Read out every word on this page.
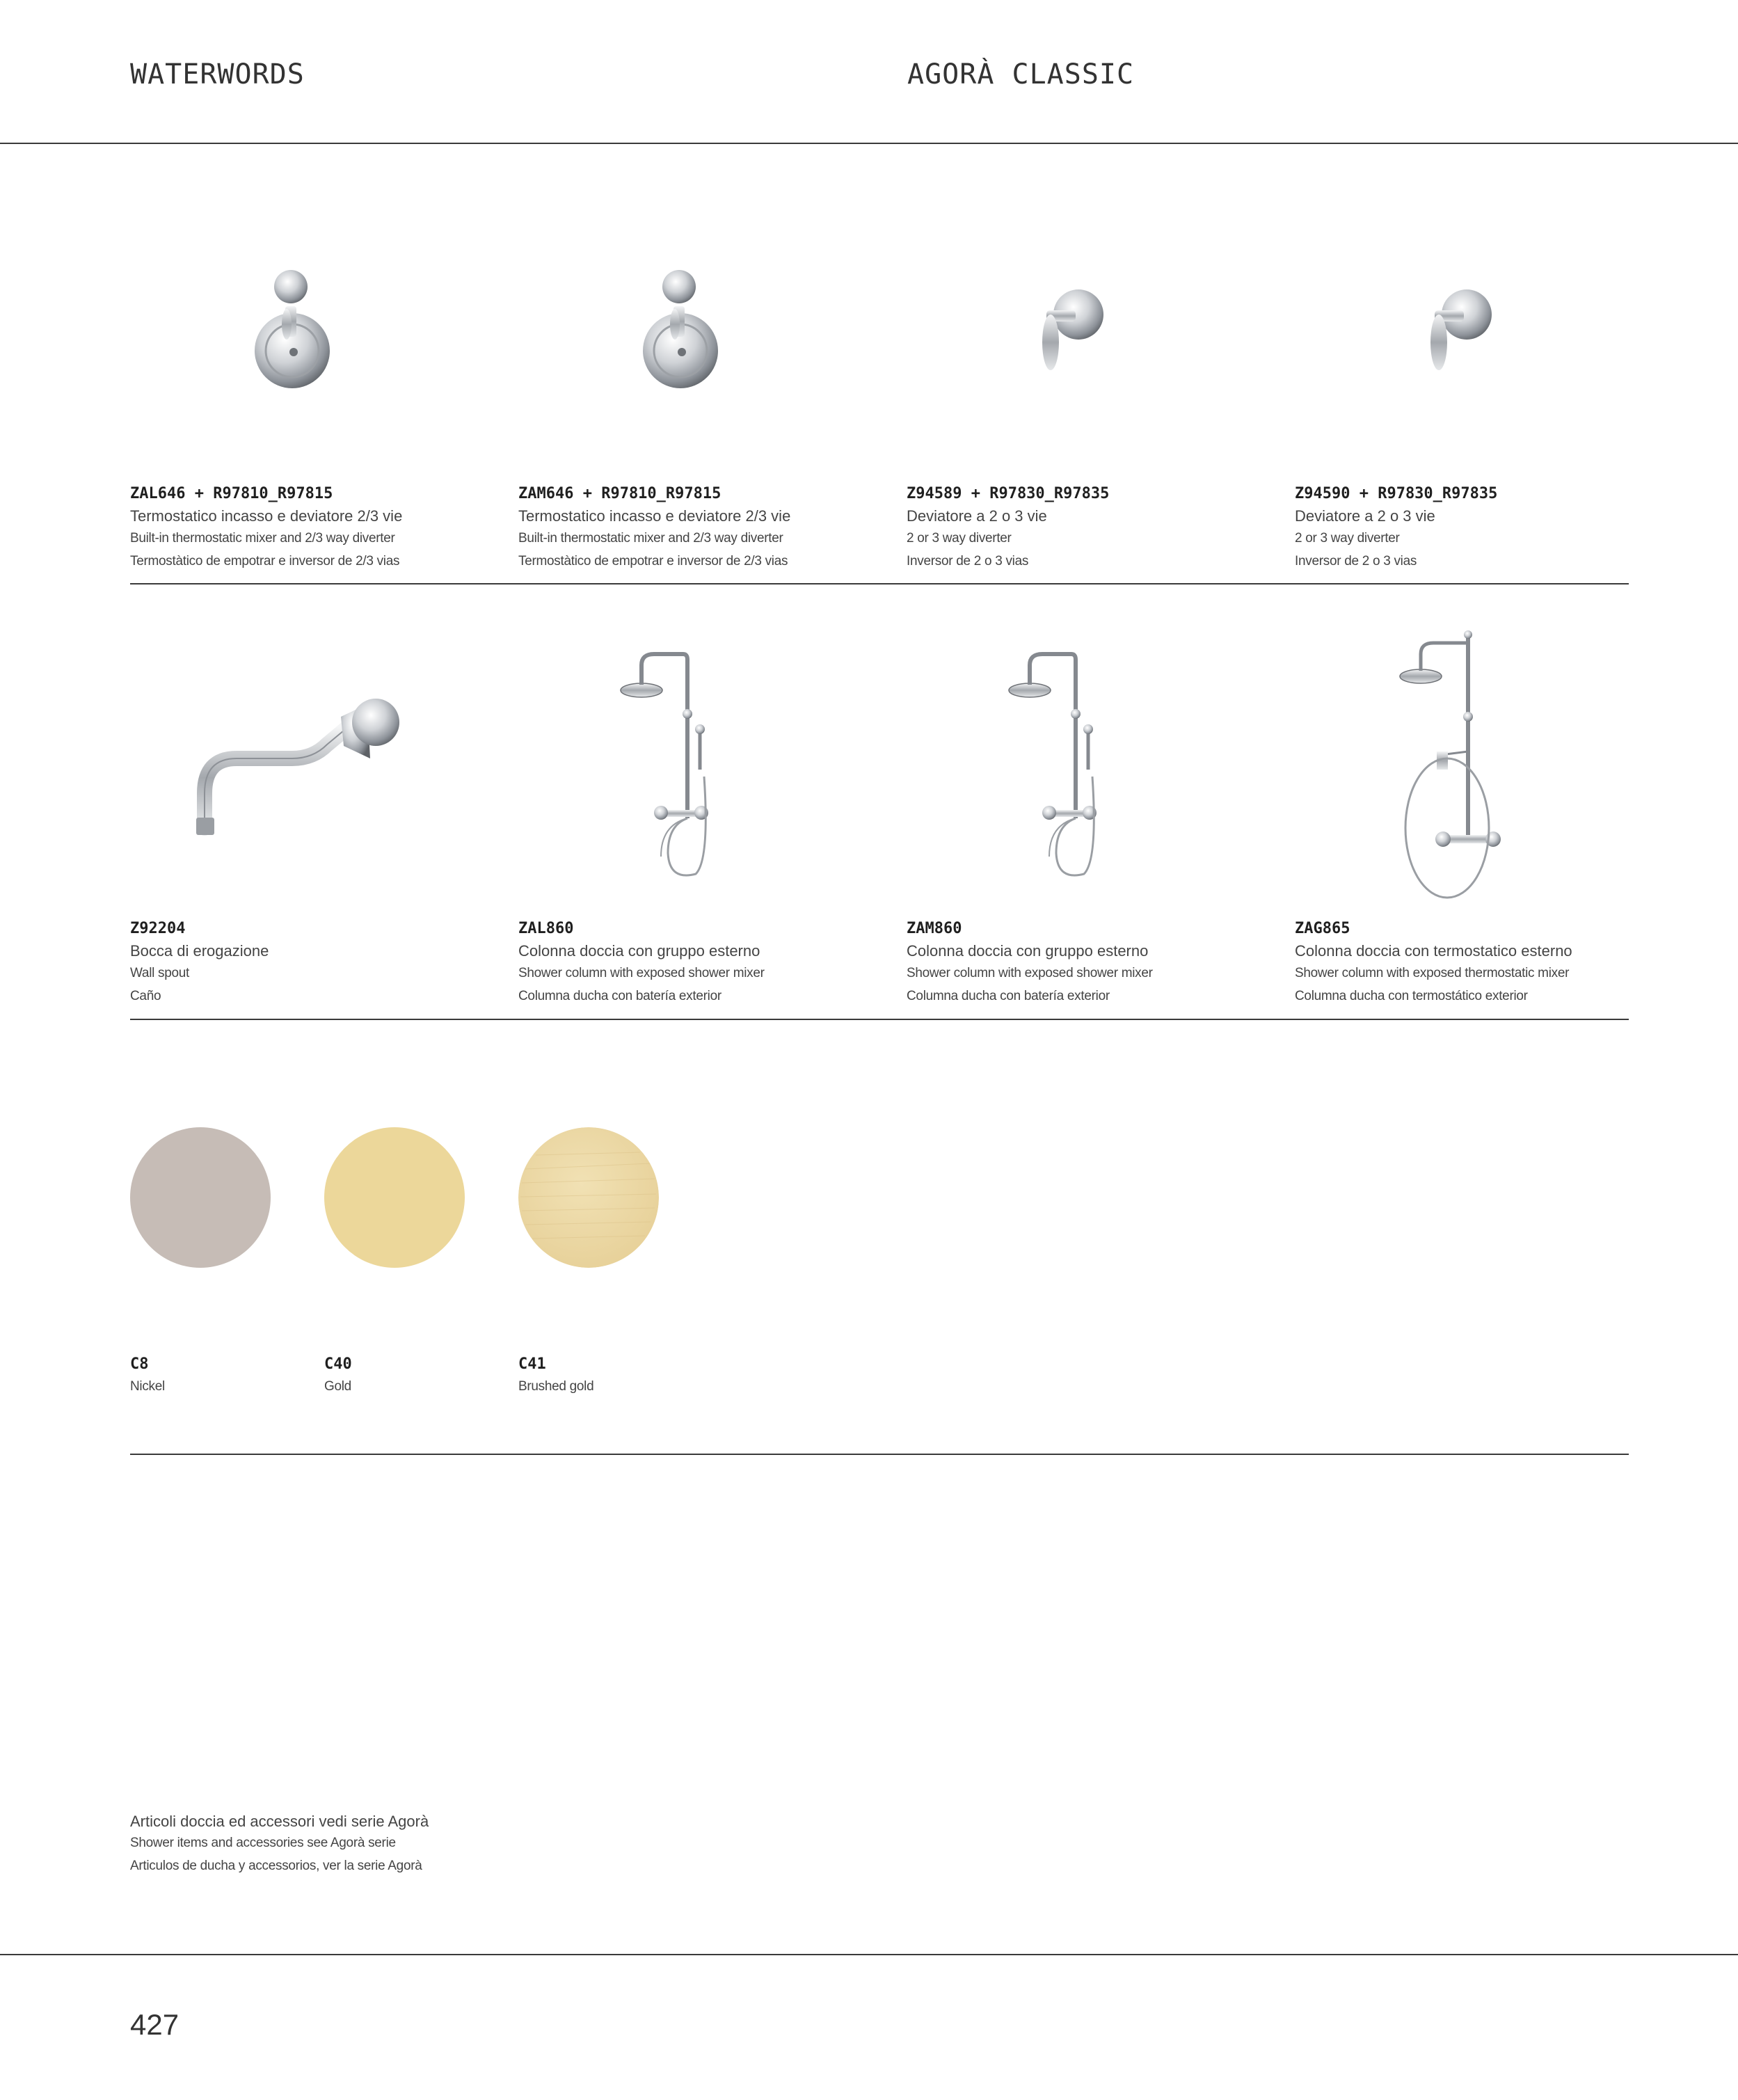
WATERWORDS	AGORÀ CLASSIC
ZAL646 + R97810_R97815
Termostatico incasso e deviatore 2/3 vie
Built-in thermostatic mixer and 2/3 way diverter
Termostàtico de empotrar e inversor de 2/3 vias
ZAM646 + R97810_R97815
Termostatico incasso e deviatore 2/3 vie
Built-in thermostatic mixer and 2/3 way diverter
Termostàtico de empotrar e inversor de 2/3 vias
Z94589 + R97830_R97835
Deviatore a 2 o 3 vie
2 or 3 way diverter
Inversor de 2 o 3 vias
Z94590 + R97830_R97835
Deviatore a 2 o 3 vie
2 or 3 way diverter
Inversor de 2 o 3 vias
Z92204
Bocca di erogazione
Wall spout
Caño
ZAL860
Colonna doccia con gruppo esterno
Shower column with exposed shower mixer
Columna ducha con batería exterior
ZAM860
Colonna doccia con gruppo esterno
Shower column with exposed shower mixer
Columna ducha con batería exterior
ZAG865
Colonna doccia con termostatico esterno
Shower column with exposed thermostatic mixer
Columna ducha con termostático exterior
C8
Nickel
C40
Gold
C41
Brushed gold
Articoli doccia ed accessori vedi serie Agorà
Shower items and accessories see Agorà serie
Articulos de ducha y accessorios, ver la serie Agorà
427
